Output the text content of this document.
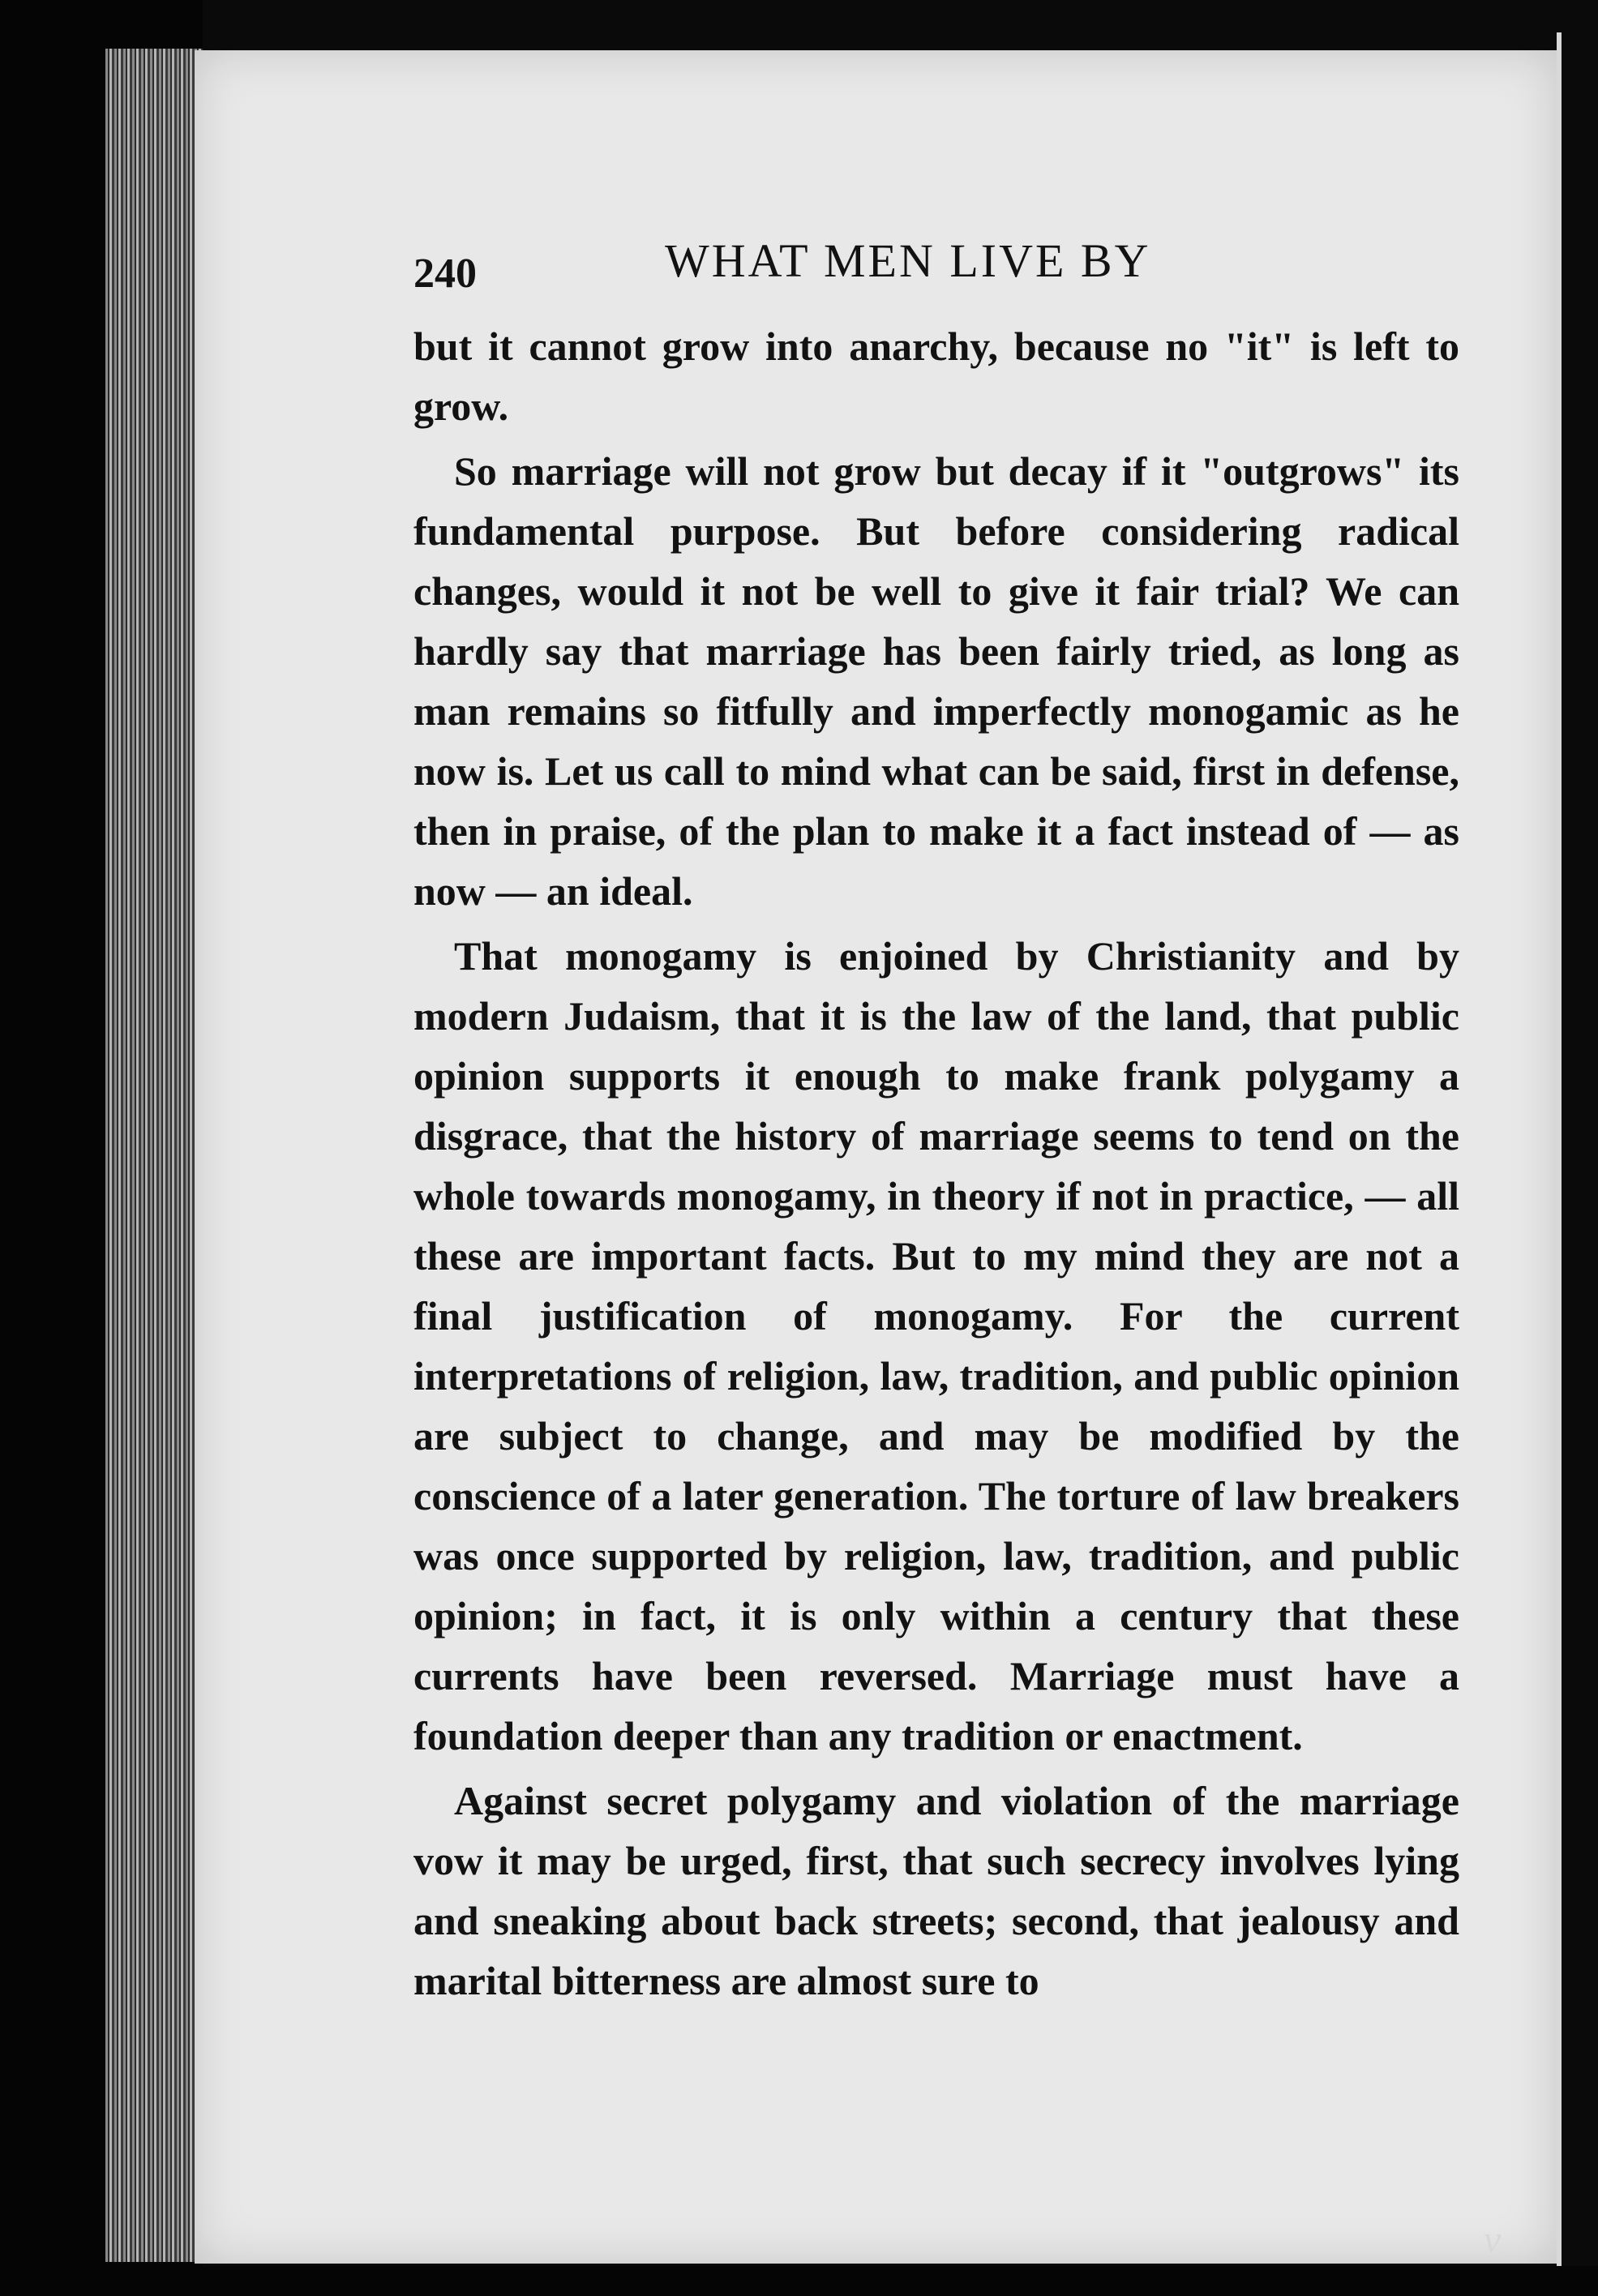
240	WHAT MEN LIVE BY

but it cannot grow into anarchy, because no "it" is left to grow.

So marriage will not grow but decay if it "outgrows" its fundamental purpose. But before considering radical changes, would it not be well to give it fair trial? We can hardly say that marriage has been fairly tried, as long as man remains so fitfully and imperfectly monogamic as he now is. Let us call to mind what can be said, first in defense, then in praise, of the plan to make it a fact instead of — as now — an ideal.

That monogamy is enjoined by Christianity and by modern Judaism, that it is the law of the land, that public opinion supports it enough to make frank polygamy a disgrace, that the history of marriage seems to tend on the whole towards monogamy, in theory if not in practice, — all these are important facts. But to my mind they are not a final justification of monogamy. For the current interpretations of religion, law, tradition, and public opinion are subject to change, and may be modified by the conscience of a later generation. The torture of law breakers was once supported by religion, law, tradition, and public opinion; in fact, it is only within a century that these currents have been reversed. Marriage must have a foundation deeper than any tradition or enactment.

Against secret polygamy and violation of the marriage vow it may be urged, first, that such secrecy involves lying and sneaking about back streets; second, that jealousy and marital bitterness are almost sure to

v
